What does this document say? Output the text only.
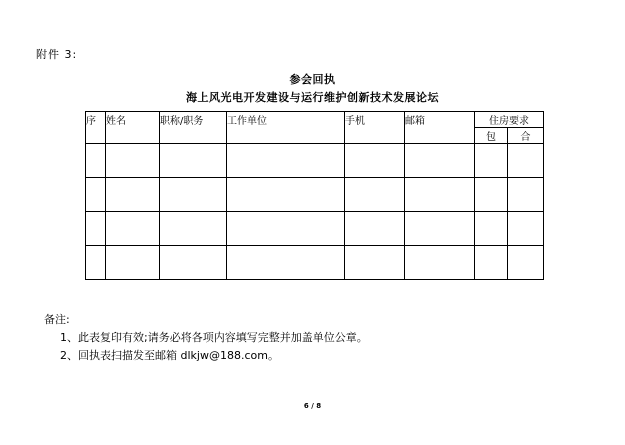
附件 3:
参会回执
海上风光电开发建设与运行维护创新技术发展论坛
序	姓名	职称/职务	工作单位	手机	邮箱	住房要求	
						包	合

备注:
1、此表复印有效;请务必将各项内容填写完整并加盖单位公章。
2、回执表扫描发至邮箱 dlkjw@188.com。
6 / 8
